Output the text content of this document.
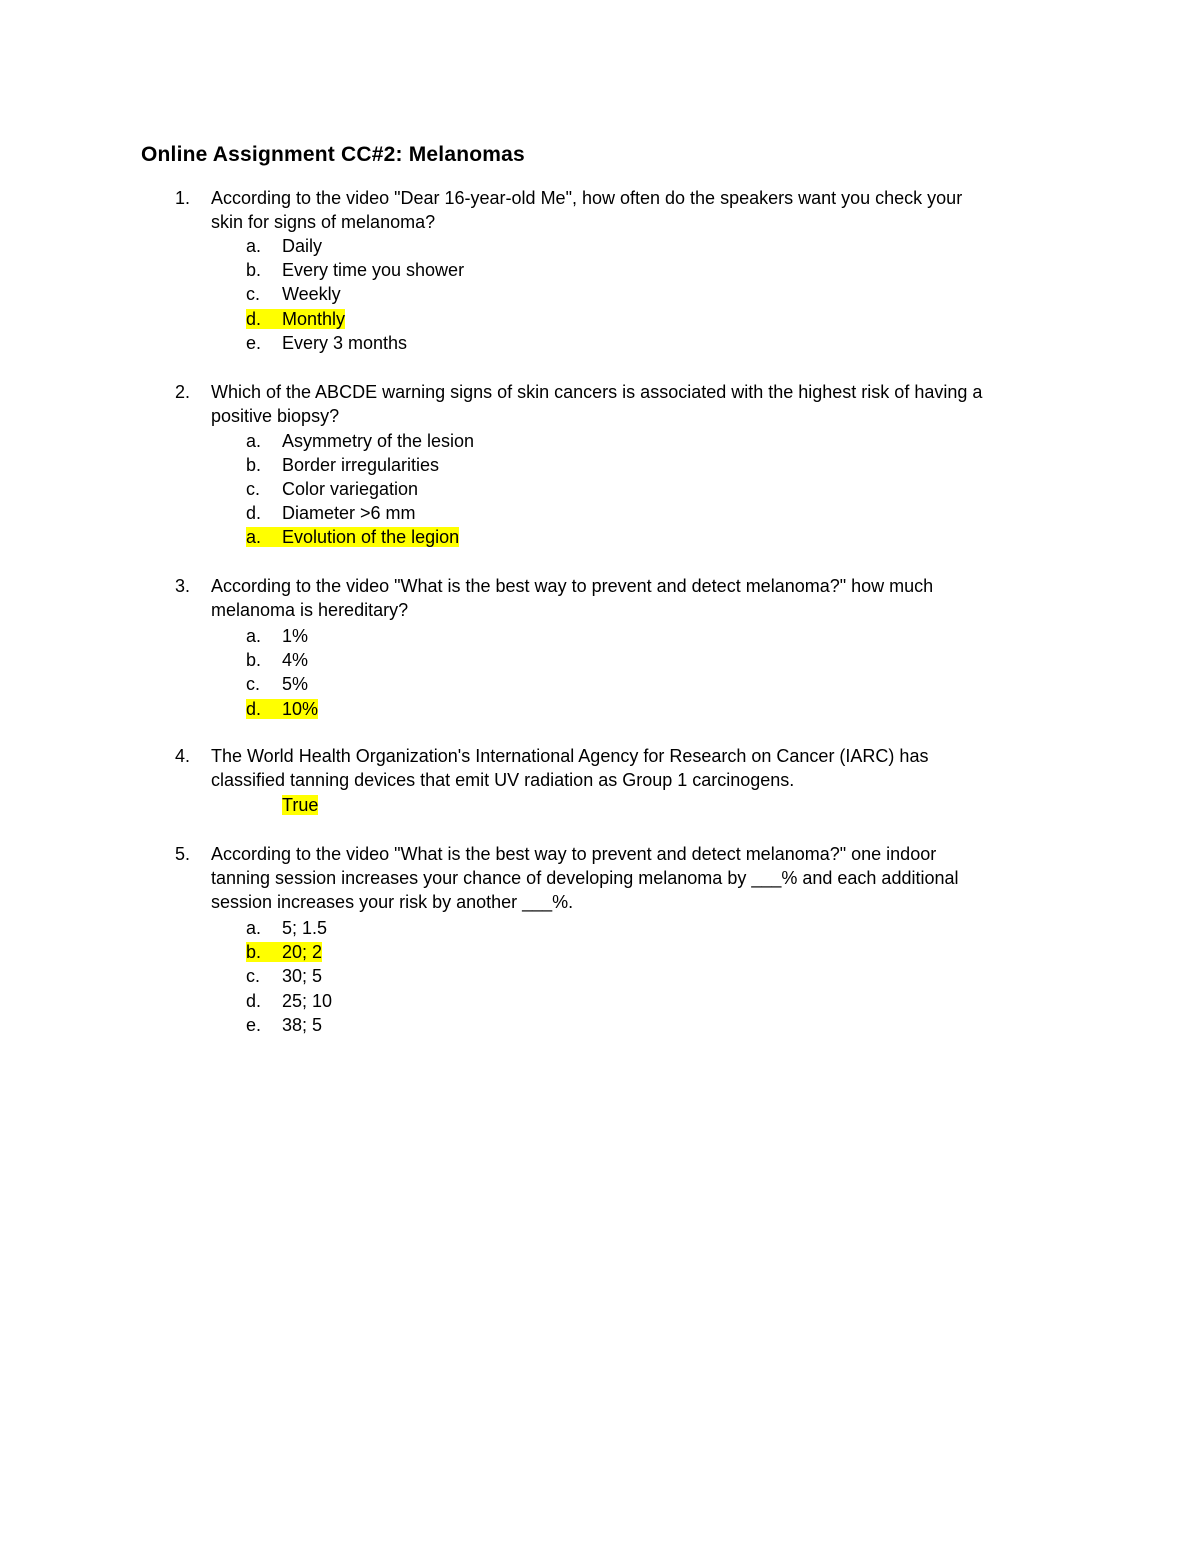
Online Assignment CC#2: Melanomas
1. According to the video "Dear 16-year-old Me", how often do the speakers want you check your
skin for signs of melanoma?
a. Daily
b. Every time you shower
c. Weekly
d. Monthly
e. Every 3 months
2. Which of the ABCDE warning signs of skin cancers is associated with the highest risk of having a
positive biopsy?
a. Asymmetry of the lesion
b. Border irregularities
c. Color variegation
d. Diameter >6 mm
a. Evolution of the legion
3. According to the video "What is the best way to prevent and detect melanoma?" how much
melanoma is hereditary?
a. 1%
b. 4%
c. 5%
d. 10%
4. The World Health Organization's International Agency for Research on Cancer (IARC) has
classified tanning devices that emit UV radiation as Group 1 carcinogens.
True
5. According to the video "What is the best way to prevent and detect melanoma?" one indoor
tanning session increases your chance of developing melanoma by ___% and each additional
session increases your risk by another ___%.
a. 5; 1.5
b. 20; 2
c. 30; 5
d. 25; 10
e. 38; 5
